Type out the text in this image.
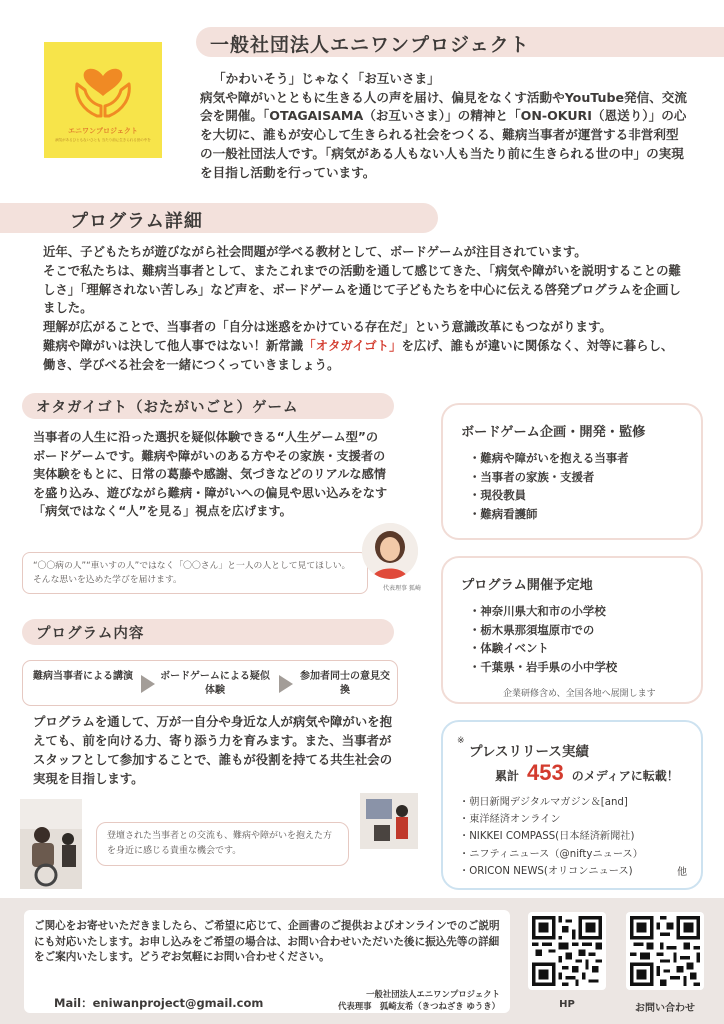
エニワンプロジェクト
病気があるひともないひとも 当たり前に生きられる世の中を
一般社団法人エニワンプロジェクト
「かわいそう」じゃなく「お互いさま」
病気や障がいとともに生きる人の声を届け、偏見をなくす活動やYouTube発信、交流会を開催。「OTAGAISAMA（お互いさま）」の精神と「ON-OKURI（恩送り）」の心を大切に、誰もが安心して生きられる社会をつくる、難病当事者が運営する非営利型の一般社団法人です。「病気がある人もない人も当たり前に生きられる世の中」の実現を目指し活動を行っています。
プログラム詳細

近年、子どもたちが遊びながら社会問題が学べる教材として、ボードゲームが注目されています。

そこで私たちは、難病当事者として、またこれまでの活動を通して感じてきた、「病気や障がいを説明することの難しさ」「理解されない苦しみ」など声を、ボードゲームを通じて子どもたちを中心に伝える啓発プログラムを企画しました。

理解が広がることで、当事者の「自分は迷惑をかけている存在だ」という意識改革にもつながります。

難病や障がいは決して他人事ではない！新常識「オタガイゴト」を広げ、誰もが違いに関係なく、対等に暮らし、働き、学びべる社会を一緒につくっていきましょう。

オタガイゴト（おたがいごと）ゲーム
当事者の人生に沿った選択を疑似体験できる“人生ゲーム型”のボードゲームです。難病や障がいのある方やその家族・支援者の実体験をもとに、日常の葛藤や感謝、気づきなどのリアルな感情を盛り込み、遊びながら難病・障がいへの偏見や思い込みをなす「病気ではなく“人”を見る」視点を広げます。
“〇〇病の人”“車いすの人”ではなく「〇〇さん」と一人の人として見てほしい。そんな思いを込めた学びを届けます。
代表理事 狐崎
プログラム内容
難病当事者による講演	ボードゲームによる疑似体験
参加者同士の意見交換
プログラムを通して、万が一自分や身近な人が病気や障がいを抱えても、前を向ける力、寄り添う力を育みます。また、当事者がスタッフとして参加することで、誰もが役割を持てる共生社会の実現を目指します。
登壇された当事者との交流も、難病や障がいを抱えた方を身近に感じる貴重な機会です。
ボードゲーム企画・開発・監修
・ 難病や障がいを抱える当事者
・ 当事者の家族・支援者
・ 現役教員
・ 難病看護師
プログラム開催予定地
・ 神奈川県大和市の小学校
・ 栃木県那須塩原市での
・ 体験イベント
・ 千葉県・岩手県の小中学校
企業研修含め、全国各地へ展開します
※
プレスリリース実績
累計 453 のメディアに転載！
・ 朝日新聞デジタルマガジン＆[and]
・ 東洋経済オンライン
・ NIKKEI COMPASS(日本経済新聞社)
・ ニフティニュース（@niftyニュース）
・ ORICON NEWS(オリコンニュース)	他
ご関心をお寄せいただきましたら、ご希望に応じて、企画書のご提供およびオンラインでのご説明にも対応いたします。お申し込みをご希望の場合は、お問い合わせいただいた後に振込先等の詳細をご案内いたします。どうぞお気軽にお問い合わせください。
Mail：eniwanproject@gmail.com
一般社団法人エニワンプロジェクト
代表理事　狐崎友希（きつねざき ゆうき）	HP	お問い合わせ
